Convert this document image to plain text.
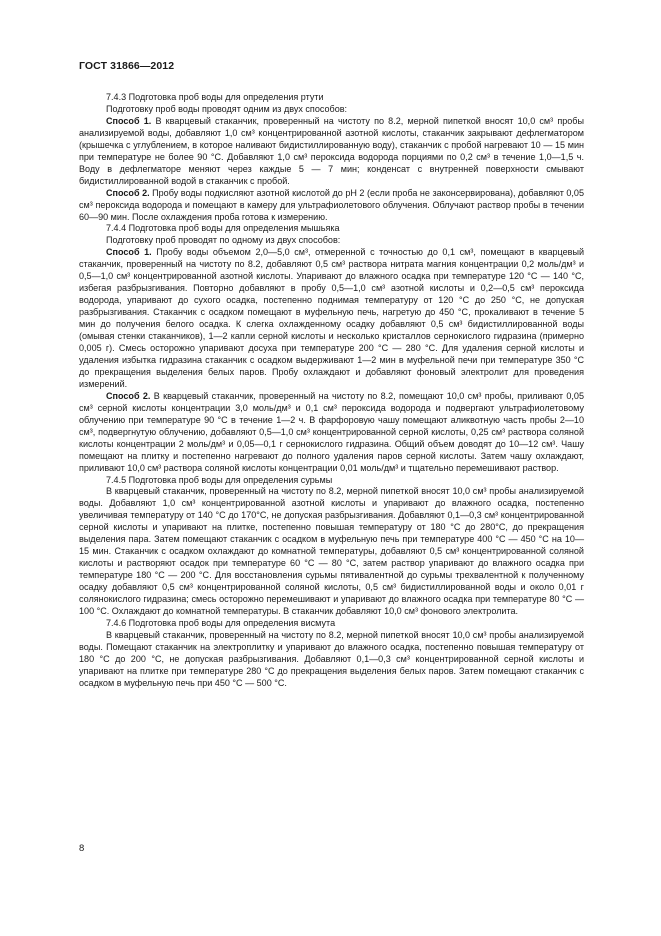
ГОСТ 31866—2012

7.4.3 Подготовка проб воды для определения ртути

Подготовку проб воды проводят одним из двух способов:

Способ 1. В кварцевый стаканчик, проверенный на чистоту по 8.2, мерной пипеткой вносят 10,0 см³ пробы анализируемой воды, добавляют 1,0 см³ концентрированной азотной кислоты, стаканчик закрывают дефлегматором (крышечка с углублением, в которое наливают бидистиллированную воду), стаканчик с пробой нагревают 10 — 15 мин при температуре не более 90 °С. Добавляют 1,0 см³ пероксида водорода порциями по 0,2 см³ в течение 1,0—1,5 ч. Воду в дефлегматоре меняют через каждые 5 — 7 мин; конденсат с внутренней поверхности смывают бидистиллированной водой в стаканчик с пробой.

Способ 2. Пробу воды подкисляют азотной кислотой до рН 2 (если проба не законсервирована), добавляют 0,05 см³ пероксида водорода и помещают в камеру для ультрафиолетового облучения. Облучают раствор пробы в течении 60—90 мин. После охлаждения проба готова к измерению.

7.4.4 Подготовка проб воды для определения мышьяка

Подготовку проб проводят по одному из двух способов:

Способ 1. Пробу воды объемом 2,0—5,0 см³, отмеренной с точностью до 0,1 см³, помещают в кварцевый стаканчик, проверенный на чистоту по 8.2, добавляют 0,5 см³ раствора нитрата магния концентрации 0,2 моль/дм³ и 0,5—1,0 см³ концентрированной азотной кислоты. Упаривают до влажного осадка при температуре 120 °С — 140 °С, избегая разбрызгивания. Повторно добавляют в пробу 0,5—1,0 см³ азотной кислоты и 0,2—0,5 см³ пероксида водорода, упаривают до сухого осадка, постепенно поднимая температуру от 120 °С до 250 °С, не допуская разбрызгивания. Стаканчик с осадком помещают в муфельную печь, нагретую до 450 °С, прокаливают в течение 5 мин до получения белого осадка. К слегка охлажденному осадку добавляют 0,5 см³ бидистиллированной воды (омывая стенки стаканчиков), 1—2 капли серной кислоты и несколько кристаллов сернокислого гидразина (примерно 0,005 г). Смесь осторожно упаривают досуха при температуре 200 °С — 280 °С. Для удаления серной кислоты и удаления избытка гидразина стаканчик с осадком выдерживают 1—2 мин в муфельной печи при температуре 350 °С до прекращения выделения белых паров. Пробу охлаждают и добавляют фоновый электролит для проведения измерений.

Способ 2. В кварцевый стаканчик, проверенный на чистоту по 8.2, помещают 10,0 см³ пробы, приливают 0,05 см³ серной кислоты концентрации 3,0 моль/дм³ и 0,1 см³ пероксида водорода и подвергают ультрафиолетовому облучению при температуре 90 °С в течение 1—2 ч. В фарфоровую чашу помещают аликвотную часть пробы 2—10 см³, подвергнутую облучению, добавляют 0,5—1,0 см³ концентрированной серной кислоты, 0,25 см³ раствора соляной кислоты концентрации 2 моль/дм³ и 0,05—0,1 г сернокислого гидразина. Общий объем доводят до 10—12 см³. Чашу помещают на плитку и постепенно нагревают до полного удаления паров серной кислоты. Затем чашу охлаждают, приливают 10,0 см³ раствора соляной кислоты концентрации 0,01 моль/дм³ и тщательно перемешивают раствор.

7.4.5 Подготовка проб воды для определения сурьмы

В кварцевый стаканчик, проверенный на чистоту по 8.2, мерной пипеткой вносят 10,0 см³ пробы анализируемой воды. Добавляют 1,0 см³ концентрированной азотной кислоты и упаривают до влажного осадка, постепенно увеличивая температуру от 140 °С до 170°С, не допуская разбрызгивания. Добавляют 0,1—0,3 см³ концентрированной серной кислоты и упаривают на плитке, постепенно повышая температуру от 180 °С до 280°С, до прекращения выделения пара. Затем помещают стаканчик с осадком в муфельную печь при температуре 400 °С — 450 °С на 10—15 мин. Стаканчик с осадком охлаждают до комнатной температуры, добавляют 0,5 см³ концентрированной соляной кислоты и растворяют осадок при температуре 60 °С — 80 °С, затем раствор упаривают до влажного осадка при температуре 180 °С — 200 °С. Для восстановления сурьмы пятивалентной до сурьмы трехвалентной к полученному осадку добавляют 0,5 см³ концентрированной соляной кислоты, 0,5 см³ бидистиллированной воды и около 0,01 г солянокислого гидразина; смесь осторожно перемешивают и упаривают до влажного осадка при температуре 80 °С — 100 °С. Охлаждают до комнатной температуры. В стаканчик добавляют 10,0 см³ фонового электролита.

7.4.6 Подготовка проб воды для определения висмута

В кварцевый стаканчик, проверенный на чистоту по 8.2, мерной пипеткой вносят 10,0 см³ пробы анализируемой воды. Помещают стаканчик на электроплитку и упаривают до влажного осадка, постепенно повышая температуру от 180 °С до 200 °С, не допуская разбрызгивания. Добавляют 0,1—0,3 см³ концентрированной серной кислоты и упаривают на плитке при температуре 280 °С до прекращения выделения белых паров. Затем помещают стаканчик с осадком в муфельную печь при 450 °С — 500 °С.

8
